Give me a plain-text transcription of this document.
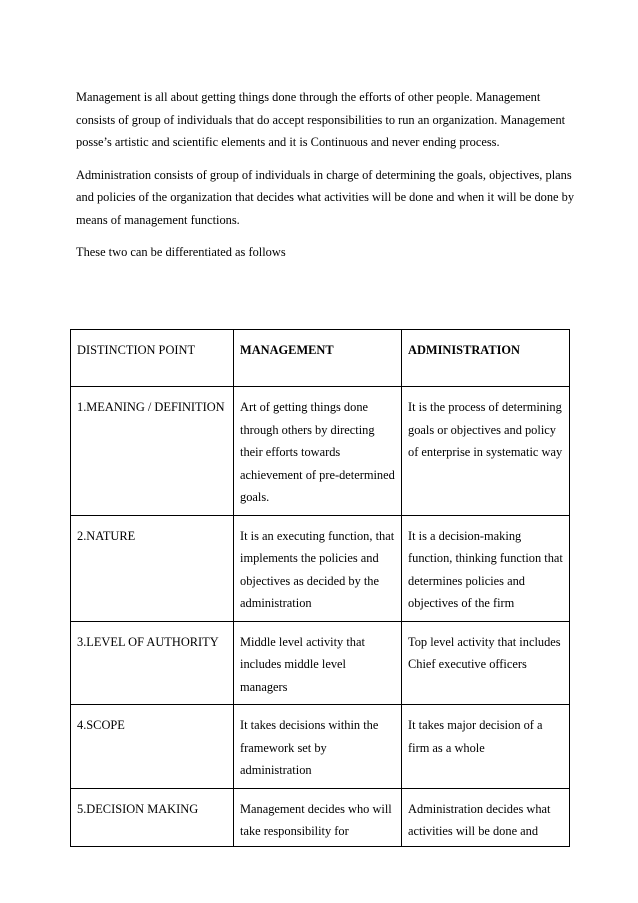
Management is all about getting things done through the efforts of other people. Management consists of group of individuals that do accept responsibilities to run an organization. Management posse’s artistic and scientific elements and it is Continuous and never ending process.

Administration consists of group of individuals in charge of determining the goals, objectives, plans and policies of the organization that decides what activities will be done and when it will be done by means of management functions.

These two can be differentiated as follows

DISTINCTION POINT	MANAGEMENT	ADMINISTRATION
1.MEANING / DEFINITION	Art of getting things done through others by directing their efforts towards achievement of pre-determined goals.	It is the process of determining goals or objectives and policy of enterprise in systematic way
2.NATURE	It is an executing function, that implements the policies and objectives as decided by the administration	It is a decision-making function, thinking function that determines policies and objectives of the firm
3.LEVEL OF AUTHORITY	Middle level activity that includes middle level managers	Top level activity that includes Chief executive officers
4.SCOPE	It takes decisions within the framework set by administration	It takes major decision of a firm as a whole
5.DECISION MAKING	Management decides who will take responsibility for	Administration decides what activities will be done and
